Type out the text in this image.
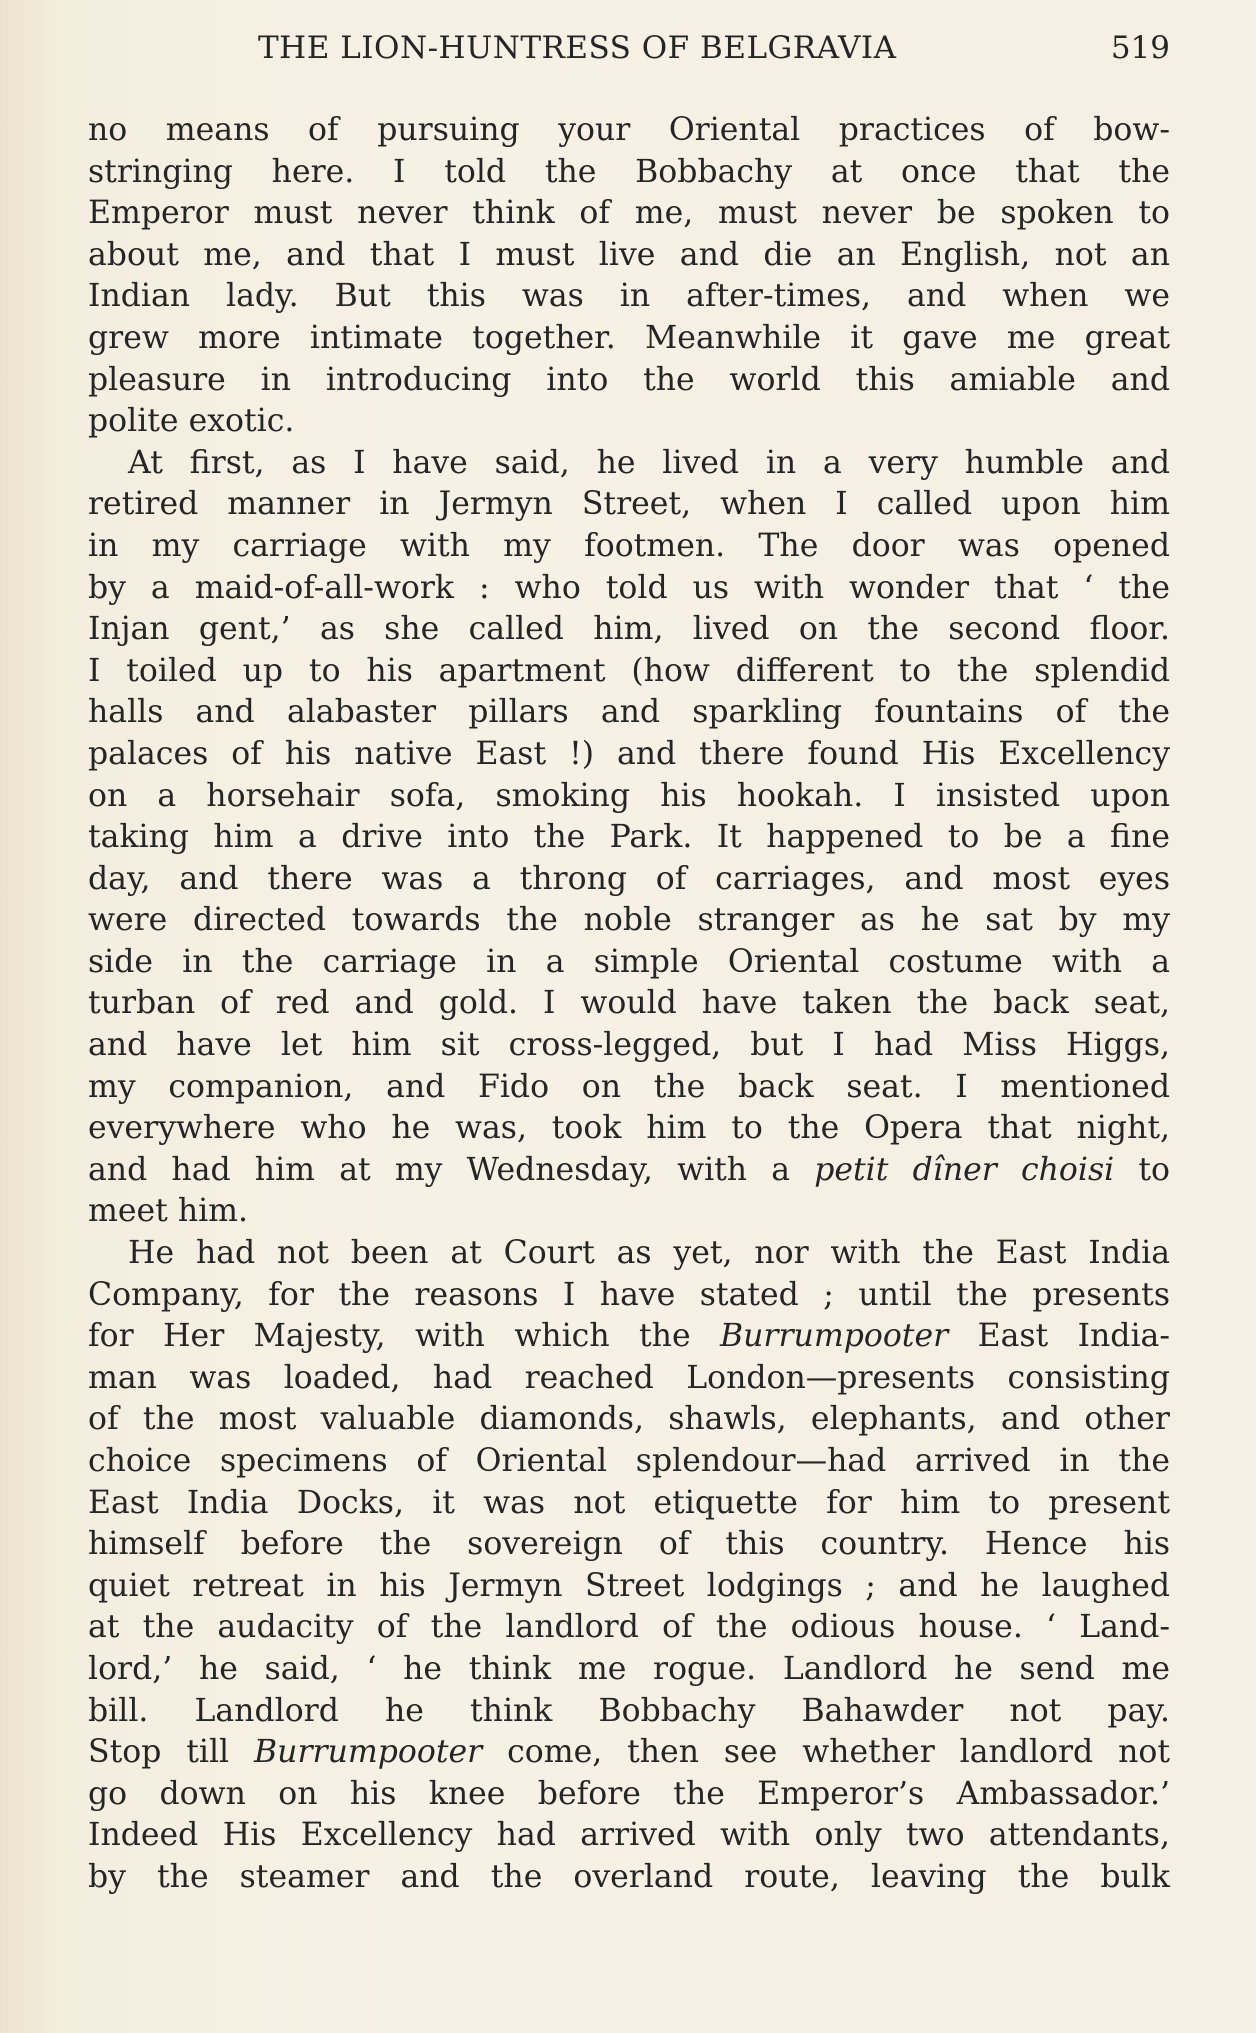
THE LION-HUNTRESS OF BELGRAVIA	519
no means of pursuing your Oriental practices of bow-
stringing here. I told the Bobbachy at once that the
Emperor must never think of me, must never be spoken to
about me, and that I must live and die an English, not an
Indian lady. But this was in after-times, and when we
grew more intimate together. Meanwhile it gave me great
pleasure in introducing into the world this amiable and
polite exotic.
At first, as I have said, he lived in a very humble and
retired manner in Jermyn Street, when I called upon him
in my carriage with my footmen. The door was opened
by a maid-of-all-work : who told us with wonder that ‘ the
Injan gent,’ as she called him, lived on the second floor.
I toiled up to his apartment (how different to the splendid
halls and alabaster pillars and sparkling fountains of the
palaces of his native East !) and there found His Excellency
on a horsehair sofa, smoking his hookah. I insisted upon
taking him a drive into the Park. It happened to be a fine
day, and there was a throng of carriages, and most eyes
were directed towards the noble stranger as he sat by my
side in the carriage in a simple Oriental costume with a
turban of red and gold. I would have taken the back seat,
and have let him sit cross-legged, but I had Miss Higgs,
my companion, and Fido on the back seat. I mentioned
everywhere who he was, took him to the Opera that night,
and had him at my Wednesday, with a petit dîner choisi to
meet him.
He had not been at Court as yet, nor with the East India
Company, for the reasons I have stated ; until the presents
for Her Majesty, with which the Burrumpooter East India-
man was loaded, had reached London—presents consisting
of the most valuable diamonds, shawls, elephants, and other
choice specimens of Oriental splendour—had arrived in the
East India Docks, it was not etiquette for him to present
himself before the sovereign of this country. Hence his
quiet retreat in his Jermyn Street lodgings ; and he laughed
at the audacity of the landlord of the odious house. ‘ Land-
lord,’ he said, ‘ he think me rogue. Landlord he send me
bill. Landlord he think Bobbachy Bahawder not pay.
Stop till Burrumpooter come, then see whether landlord not
go down on his knee before the Emperor’s Ambassador.’
Indeed His Excellency had arrived with only two attendants,
by the steamer and the overland route, leaving the bulk
